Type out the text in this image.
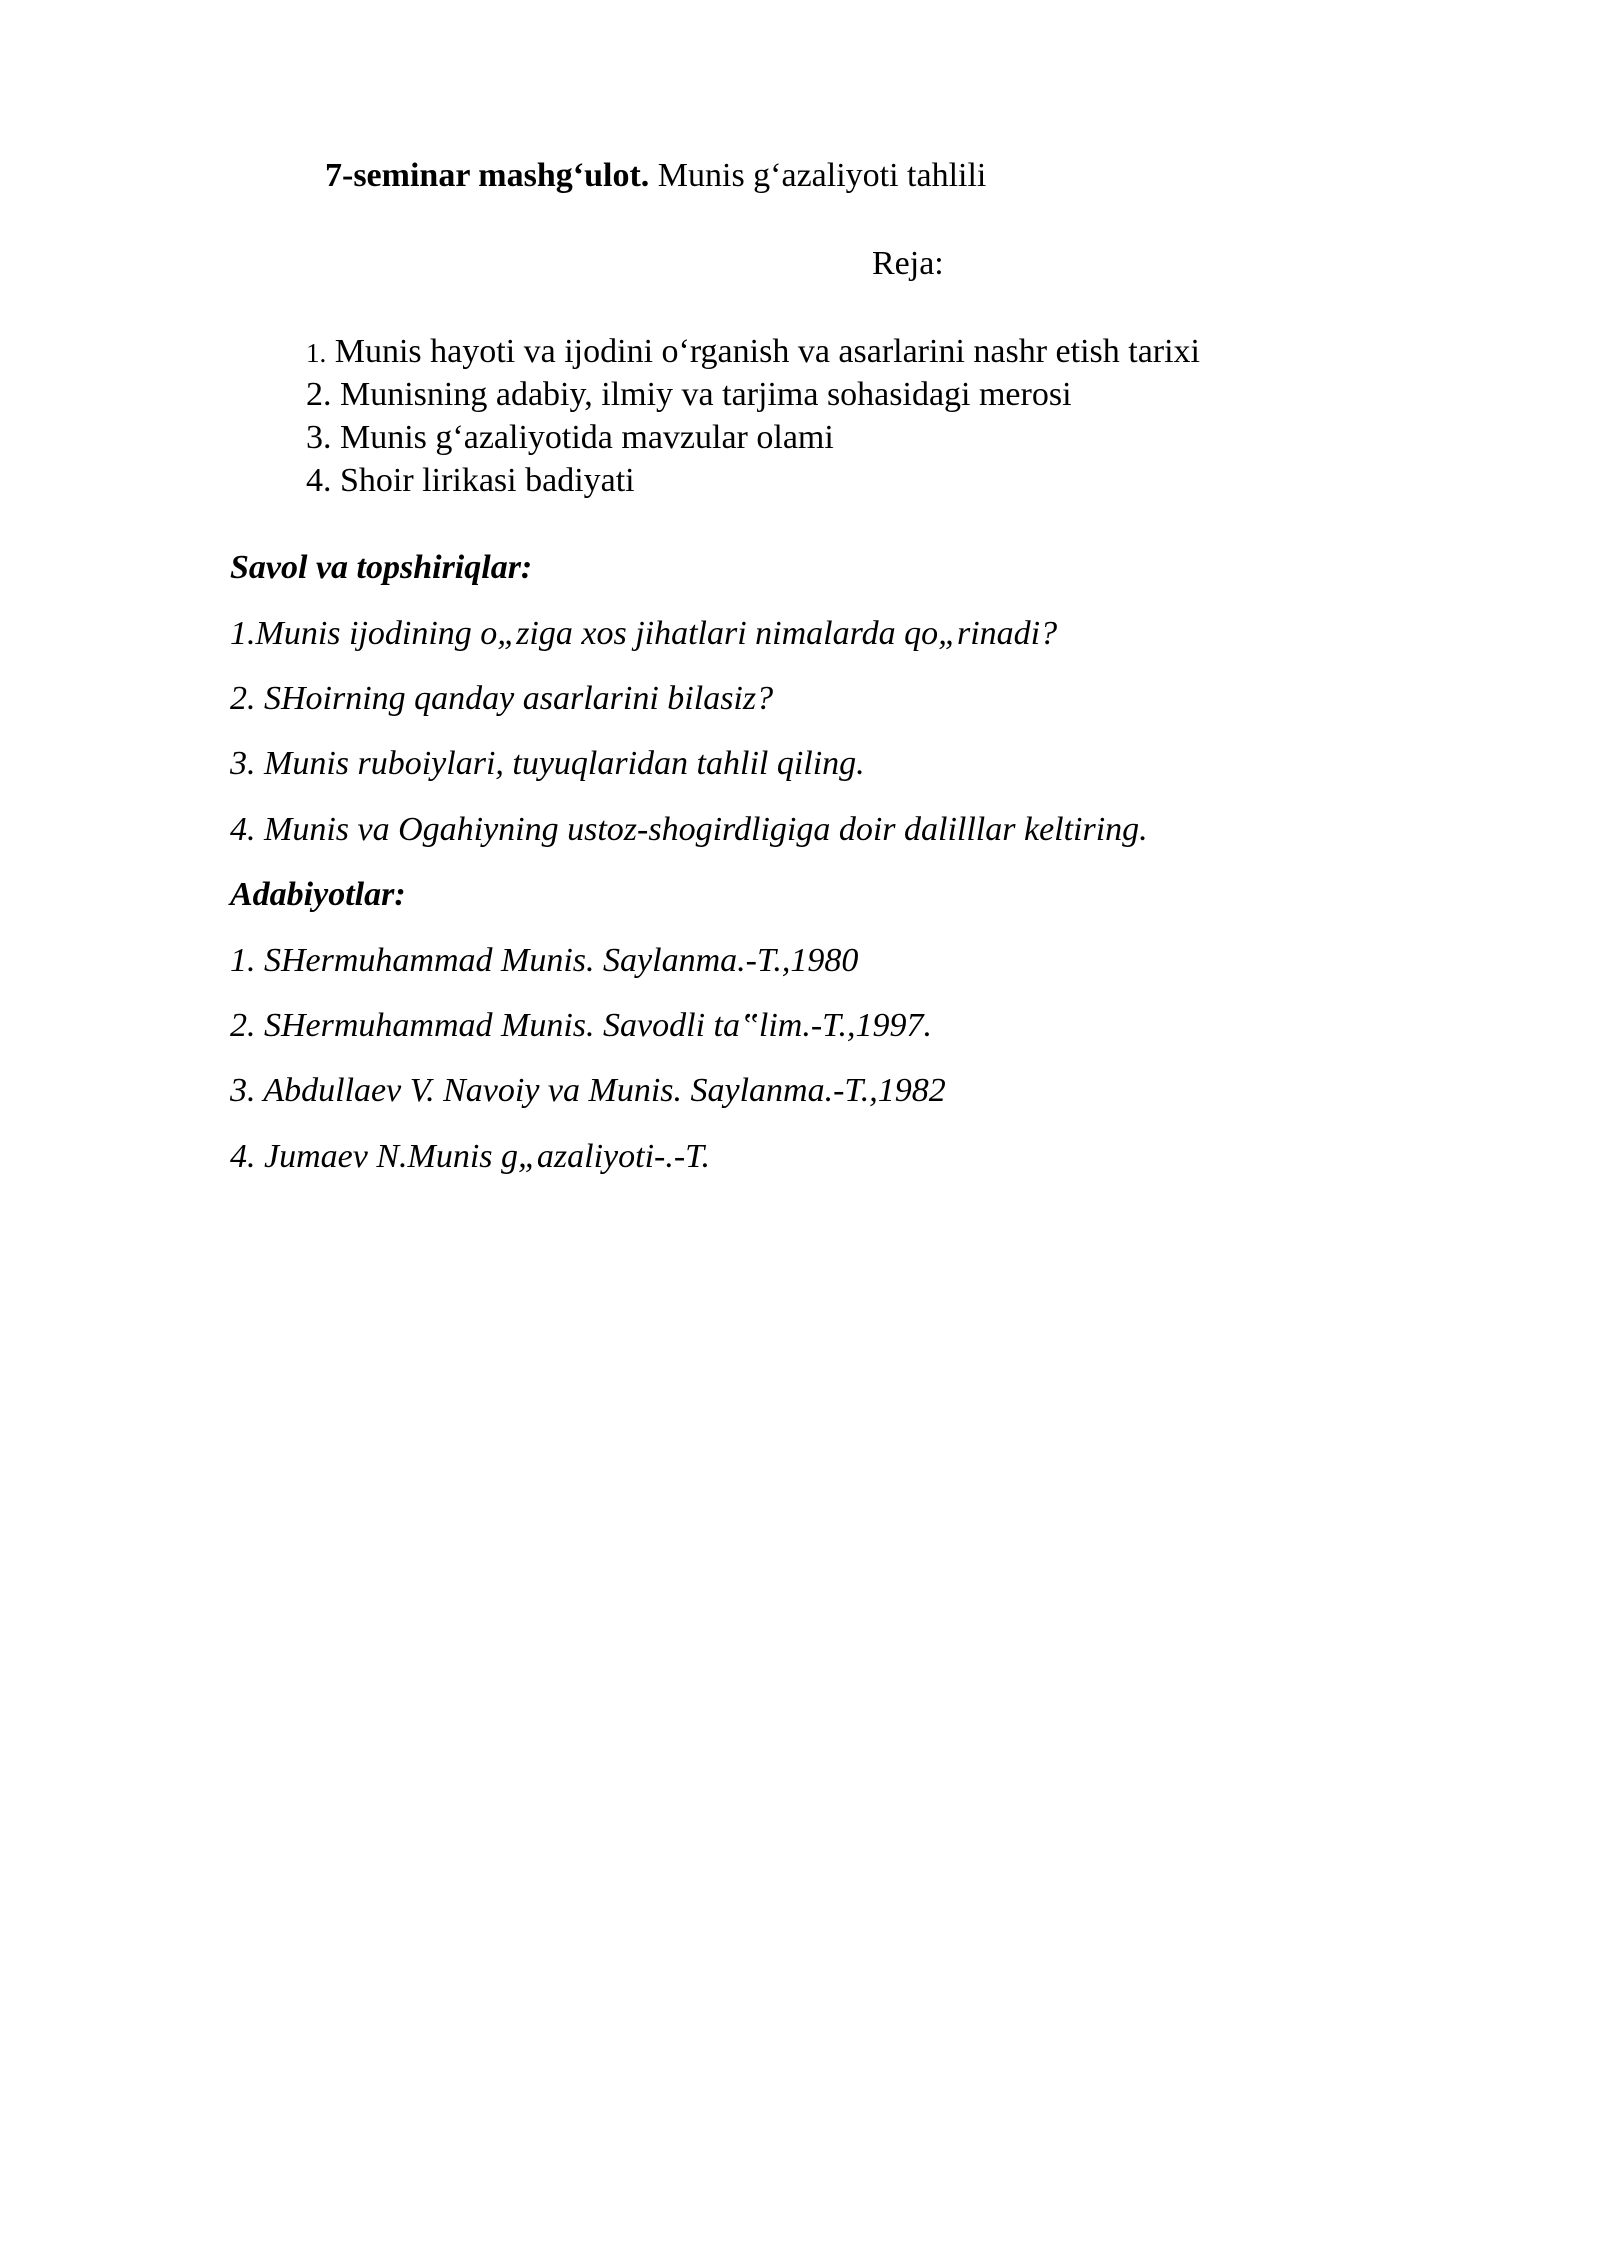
7-seminar mashg‘ulot. Munis g‘azaliyoti tahlili
Reja:
1. Munis hayoti va ijodini o‘rganish va asarlarini nashr etish tarixi
2. Munisning adabiy, ilmiy va tarjima sohasidagi merosi
3. Munis g‘azaliyotida mavzular olami
4. Shoir lirikasi badiyati
Savol va topshiriqlar:
1.Munis ijodining o„ziga xos jihatlari nimalarda qo„rinadi?
2. SHoirning qanday asarlarini bilasiz?
3. Munis ruboiylari, tuyuqlaridan tahlil qiling.
4. Munis va Ogahiyning ustoz-shogirdligiga doir dalilllar keltiring.
Adabiyotlar:
1. SHermuhammad Munis. Saylanma.-T.,1980
2. SHermuhammad Munis. Savodli ta‟lim.-T.,1997.
3. Abdullaev V. Navoiy va Munis. Saylanma.-T.,1982
4. Jumaev N.Munis g„azaliyoti-.-T.
